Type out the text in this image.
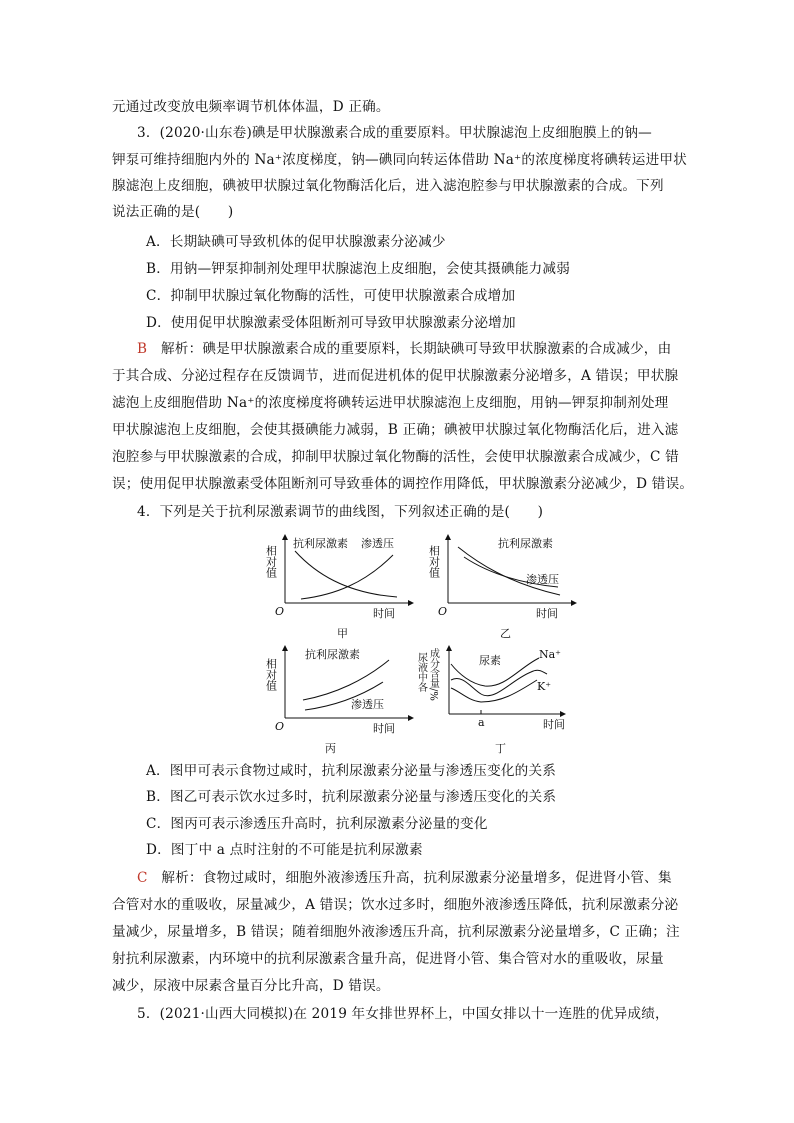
元通过改变放电频率调节机体体温，D 正确。
3．(2020·山东卷)碘是甲状腺激素合成的重要原料。甲状腺滤泡上皮细胞膜上的钠—
钾泵可维持细胞内外的 Na⁺浓度梯度，钠—碘同向转运体借助 Na⁺的浓度梯度将碘转运进甲状
腺滤泡上皮细胞，碘被甲状腺过氧化物酶活化后，进入滤泡腔参与甲状腺激素的合成。下列
说法正确的是(　　)
A．长期缺碘可导致机体的促甲状腺激素分泌减少
B．用钠—钾泵抑制剂处理甲状腺滤泡上皮细胞，会使其摄碘能力减弱
C．抑制甲状腺过氧化物酶的活性，可使甲状腺激素合成增加
D．使用促甲状腺激素受体阻断剂可导致甲状腺激素分泌增加
B　解析：碘是甲状腺激素合成的重要原料，长期缺碘可导致甲状腺激素的合成减少，由
于其合成、分泌过程存在反馈调节，进而促进机体的促甲状腺激素分泌增多，A 错误；甲状腺
滤泡上皮细胞借助 Na⁺的浓度梯度将碘转运进甲状腺滤泡上皮细胞，用钠—钾泵抑制剂处理
甲状腺滤泡上皮细胞，会使其摄碘能力减弱，B 正确；碘被甲状腺过氧化物酶活化后，进入滤
泡腔参与甲状腺激素的合成，抑制甲状腺过氧化物酶的活性，会使甲状腺激素合成减少，C 错
误；使用促甲状腺激素受体阻断剂可导致垂体的调控作用降低，甲状腺激素分泌减少，D 错误。
4．下列是关于抗利尿激素调节的曲线图，下列叙述正确的是(　　)
相对值
O	时间
抗利尿激素 渗透压
甲
相对值
O	时间
抗利尿激素
渗透压
乙
相对值
O	时间
抗利尿激素
渗透压
丙
尿液中各 成分含量/%
时间
a
尿素	Na⁺
K⁺
丁
A．图甲可表示食物过咸时，抗利尿激素分泌量与渗透压变化的关系
B．图乙可表示饮水过多时，抗利尿激素分泌量与渗透压变化的关系
C．图丙可表示渗透压升高时，抗利尿激素分泌量的变化
D．图丁中 a 点时注射的不可能是抗利尿激素
C　解析：食物过咸时，细胞外液渗透压升高，抗利尿激素分泌量增多，促进肾小管、集
合管对水的重吸收，尿量减少，A 错误；饮水过多时，细胞外液渗透压降低，抗利尿激素分泌
量减少，尿量增多，B 错误；随着细胞外液渗透压升高，抗利尿激素分泌量增多，C 正确；注
射抗利尿激素，内环境中的抗利尿激素含量升高，促进肾小管、集合管对水的重吸收，尿量
减少，尿液中尿素含量百分比升高，D 错误。
5．(2021·山西大同模拟)在 2019 年女排世界杯上，中国女排以十一连胜的优异成绩，
